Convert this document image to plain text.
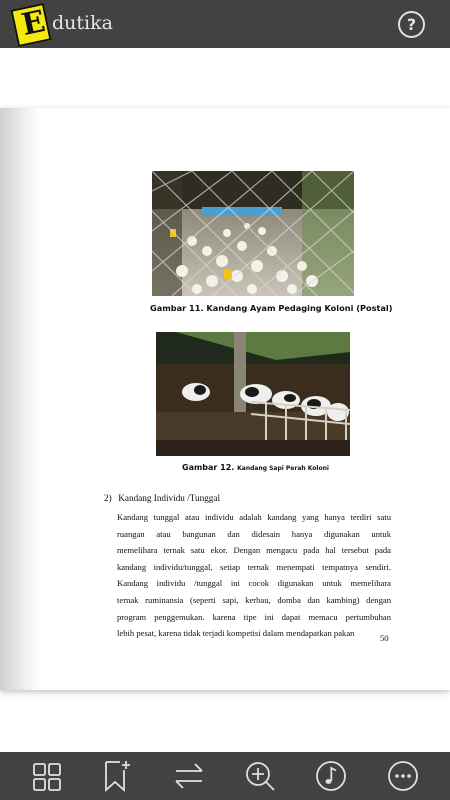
E dutika	?
Gambar 11. Kandang Ayam Pedaging Koloni (Postal)
Gambar 12. Kandang Sapi Perah Koloni
2) Kandang Individu /Tunggal
Kandang tunggal atau individu adalah kandang yang hanya terdiri satu
ruangan atau bangunan dan didesain hanya digunakan untuk
memelihara ternak satu ekor. Dengan mengacu pada hal tersebut pada
kandang individu/tunggal, setiap ternak menempati tempatnya sendiri.
Kandang individu /tunggal ini cocok digunakan untuk memelihara
ternak ruminansia (seperti sapi, kerbau, domba dan kambing) dengan
program penggemukan. karena tipe ini dapat memacu pertumbuhan
lebih pesat, karena tidak terjadi kompetisi dalam mendapatkan pakan	50
